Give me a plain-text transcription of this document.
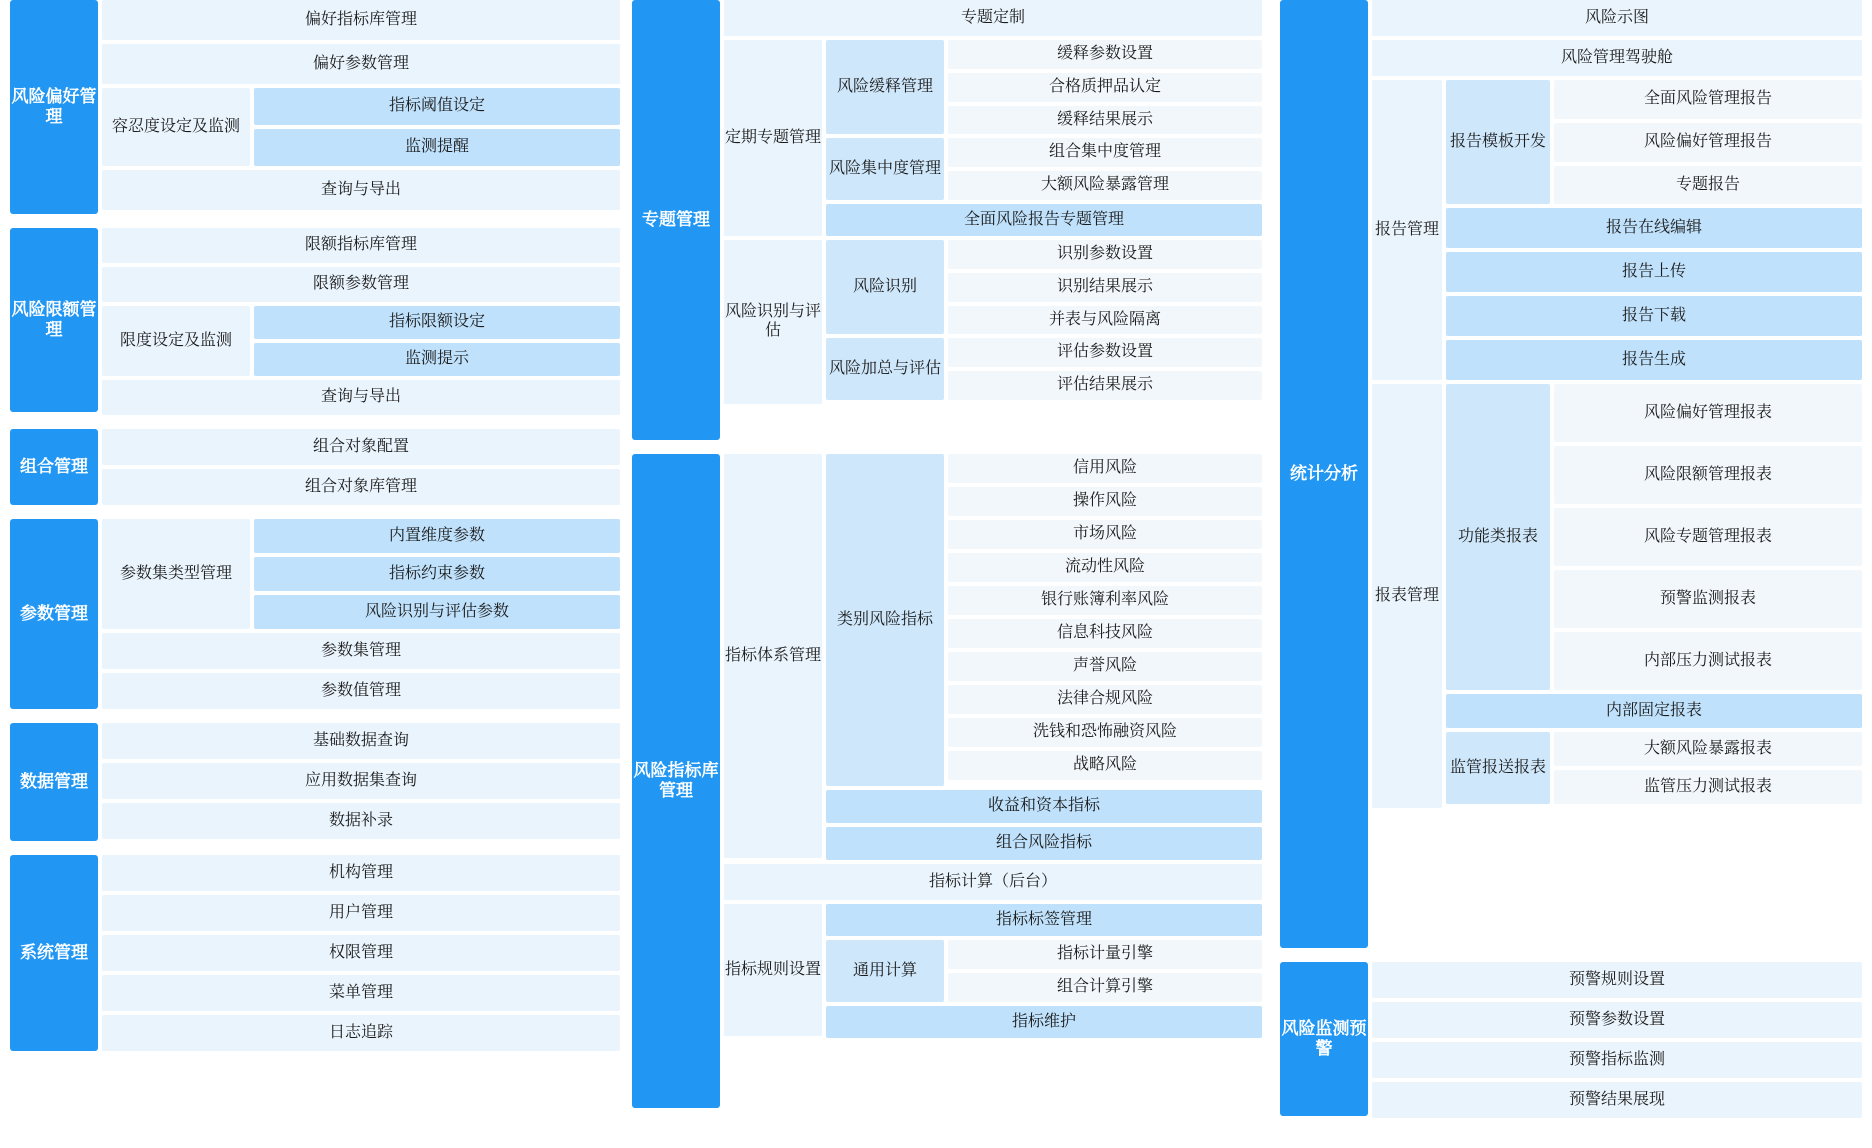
风险偏好管理
偏好指标库管理
偏好参数管理
容忍度设定及监测
指标阈值设定
监测提醒
查询与导出
风险限额管理
限额指标库管理
限额参数管理
限度设定及监测
指标限额设定
监测提示
查询与导出
组合管理
组合对象配置
组合对象库管理
参数管理
参数集类型管理
内置维度参数
指标约束参数
风险识别与评估参数
参数集管理
参数值管理
数据管理
基础数据查询
应用数据集查询
数据补录
系统管理
机构管理
用户管理
权限管理
菜单管理
日志追踪
专题管理
专题定制
定期专题管理
风险缓释管理
缓释参数设置
合格质押品认定
缓释结果展示
风险集中度管理
组合集中度管理
大额风险暴露管理
全面风险报告专题管理
风险识别与评估
风险识别
识别参数设置
识别结果展示
并表与风险隔离
风险加总与评估
评估参数设置
评估结果展示
风险指标库管理
指标体系管理
类别风险指标
信用风险
操作风险
市场风险
流动性风险
银行账簿利率风险
信息科技风险
声誉风险
法律合规风险
洗钱和恐怖融资风险
战略风险
收益和资本指标
组合风险指标
指标计算（后台）
指标规则设置
指标标签管理
通用计算
指标计量引擎
组合计算引擎
指标维护
统计分析
风险示图
风险管理驾驶舱
报告管理
报告模板开发
全面风险管理报告
风险偏好管理报告
专题报告
报告在线编辑
报告上传
报告下载
报告生成
报表管理
功能类报表
风险偏好管理报表
风险限额管理报表
风险专题管理报表
预警监测报表
内部压力测试报表
内部固定报表
监管报送报表
大额风险暴露报表
监管压力测试报表
风险监测预警
预警规则设置
预警参数设置
预警指标监测
预警结果展现
